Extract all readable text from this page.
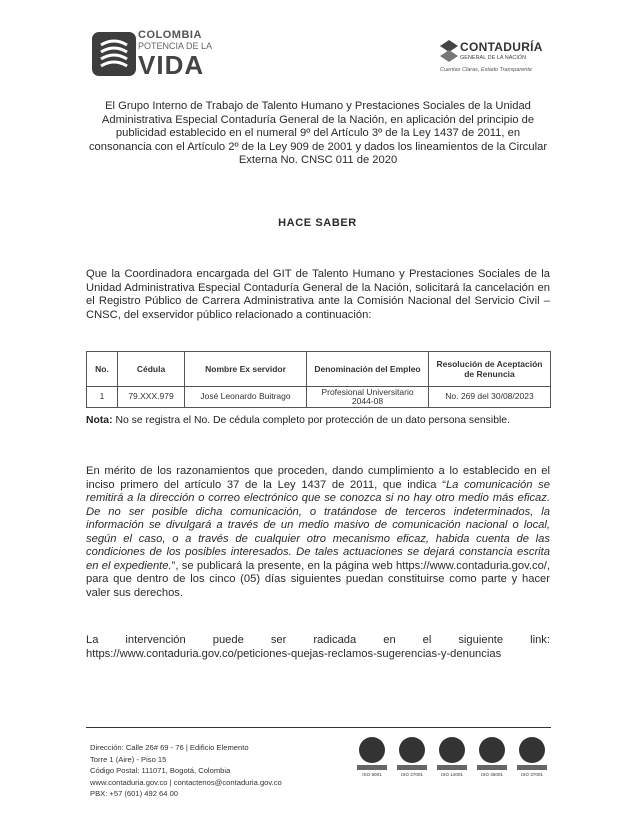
COLOMBIA
POTENCIA DE LA
VIDA
CONTADURÍA
GENERAL DE LA NACIÓN
Cuentas Claras, Estado Transparente
El Grupo Interno de Trabajo de Talento Humano y Prestaciones Sociales de la Unidad Administrativa Especial Contaduría General de la Nación, en aplicación del principio de publicidad establecido en el numeral 9º del Artículo 3º de la Ley 1437 de 2011, en consonancia con el Artículo 2º de la Ley 909 de 2001 y dados los lineamientos de la Circular Externa No. CNSC 011 de 2020
HACE SABER
Que la Coordinadora encargada del GIT de Talento Humano y Prestaciones Sociales de la Unidad Administrativa Especial Contaduría General de la Nación, solicitará la cancelación en el Registro Público de Carrera Administrativa ante la Comisión Nacional del Servicio Civil – CNSC, del exservidor público relacionado a continuación:
No.	Cédula	Nombre Ex servidor	Denominación del Empleo	Resolución de Aceptación de Renuncia
1	79.XXX.979	José Leonardo Buitrago	Profesional Universitario 2044-08	No. 269 del 30/08/2023
Nota: No se registra el No. De cédula completo por protección de un dato persona sensible.
En mérito de los razonamientos que proceden, dando cumplimiento a lo establecido en el inciso primero del artículo 37 de la Ley 1437 de 2011, que indica “La comunicación se remitirá a la dirección o correo electrónico que se conozca si no hay otro medio más eficaz. De no ser posible dicha comunicación, o tratándose de terceros indeterminados, la información se divulgará a través de un medio masivo de comunicación nacional o local, según el caso, o a través de cualquier otro mecanismo eficaz, habida cuenta de las condiciones de los posibles interesados. De tales actuaciones se dejará constancia escrita en el expediente.”, se publicará la presente, en la página web https://www.contaduria.gov.co/, para que dentro de los cinco (05) días siguientes puedan constituirse como parte y hacer valer sus derechos.
La intervención puede ser radicada en el siguiente link: https://www.contaduria.gov.co/peticiones-quejas-reclamos-sugerencias-y-denuncias
Dirección: Calle 26# 69 - 76 | Edificio Elemento
Torre 1 (Aire) - Piso 15
Código Postal: 111071, Bogotá, Colombia
www.contaduria.gov.co | contactenos@contaduria.gov.co
PBX: +57 (601) 492 64 00
ISO 9001	ISO 27001	ISO 14001	ISO 45001	ISO 37001
